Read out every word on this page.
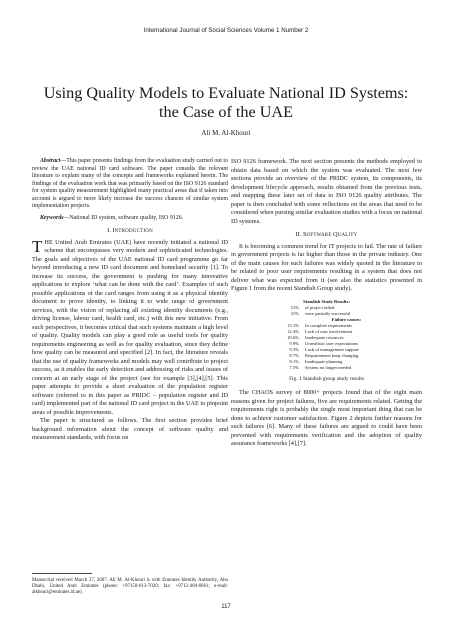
International Journal of Social Sciences Volume 1 Number 2
Using Quality Models to Evaluate National ID Systems: the Case of the UAE
Ali M. Al-Khouri

Abstract—This paper presents findings from the evaluation study carried out to review the UAE national ID card software. The paper consults the relevant literature to explain many of the concepts and frameworks explained herein. The findings of the evaluation work that was primarily based on the ISO 9126 standard for system quality measurement highlighted many practical areas that if taken into account is argued to more likely increase the success chances of similar system implementation projects.

Keywords—National ID system, software quality, ISO 9126.

I. INTRODUCTION

THE United Arab Emirates (UAE) have recently initiated a national ID scheme that encompasses very modern and sophisticated technologies. The goals and objectives of the UAE national ID card programme go far beyond introducing a new ID card document and homeland security [1]. To increase its success, the government is pushing for many innovative applications to explore ‘what can be done with the card’. Examples of such possible applications of the card ranges from using it as a physical identity document to prove identity, to linking it to wide range of government services, with the vision of replacing all existing identity documents (e.g., driving license, labour card, health card, etc.) with this new initiative. From such perspectives, it becomes critical that such systems maintain a high level of quality. Quality models can play a good role as useful tools for quality requirements engineering as well as for quality evaluation, since they define how quality can be measured and specified [2]. In fact, the literature reveals that the use of quality frameworks and models may well contribute to project success, as it enables the early detection and addressing of risks and issues of concern at an early stage of the project (see for example [3],[4],[5]. This paper attempts to provide a short evaluation of the population register software (referred to in this paper as PRIDC – population register and ID card) implemented part of the national ID card project in the UAE to pinpoint areas of possible improvements.

The paper is structured as follows. The first section provides brief background information about the concept of software quality and measurement standards, with focus on

ISO 9126 framework. The next section presents the methods employed to obtain data based on which the system was evaluated. The next few sections provide an overview of the PRIDC system, its components, its development lifecycle approach, results obtained from the previous tests, and mapping these later set of data to ISO 9126 quality attributes. The paper is then concluded with some reflections on the areas that need to be considered when pursing similar evaluation studies with a focus on national ID systems.

II. SOFTWARE QUALITY

It is becoming a common trend for IT projects to fail. The rate of failure in government projects is far higher than those in the private industry. One of the main causes for such failures was widely quoted in the literature to be related to poor user requirements resulting in a system that does not deliver what was expected from it (see also the statistics presented in Figure 1 from the recent Standish Group study).

Standish Study Results:
51%	of project failed
31%	were partially successful
Failure causes:
13.1%	In complete requirements
12.4%	Lack of user involvement
10.6%	Inadequate resources
9.9%	Unrealistic user expectations
9.3%	Lack of management support
8.7%	Requirements keep changing
8.1%	Inadequate planning
7.5%	System no longer needed
Fig. 1 Standish group study results

The CHAOS survey of 8000+ projects found that of the eight main reasons given for project failures, five are requirements related. Getting the requirements right is probably the single most important thing that can be done to achieve customer satisfaction. Figure 2 depicts further reasons for such failures [6]. Many of these failures are argued to could have been prevented with requirements verification and the adoption of quality assurance frameworks [4],[7].

Manuscript received March 27, 2007. Ali M. Al-Khouri is with Emirates Identity Authority, Abu Dhabi, United Arab Emirates (phone: +97150-613-7020; fax: +9712-404-6661; e-mail: alkhouri@emirates.id.ae).
117
